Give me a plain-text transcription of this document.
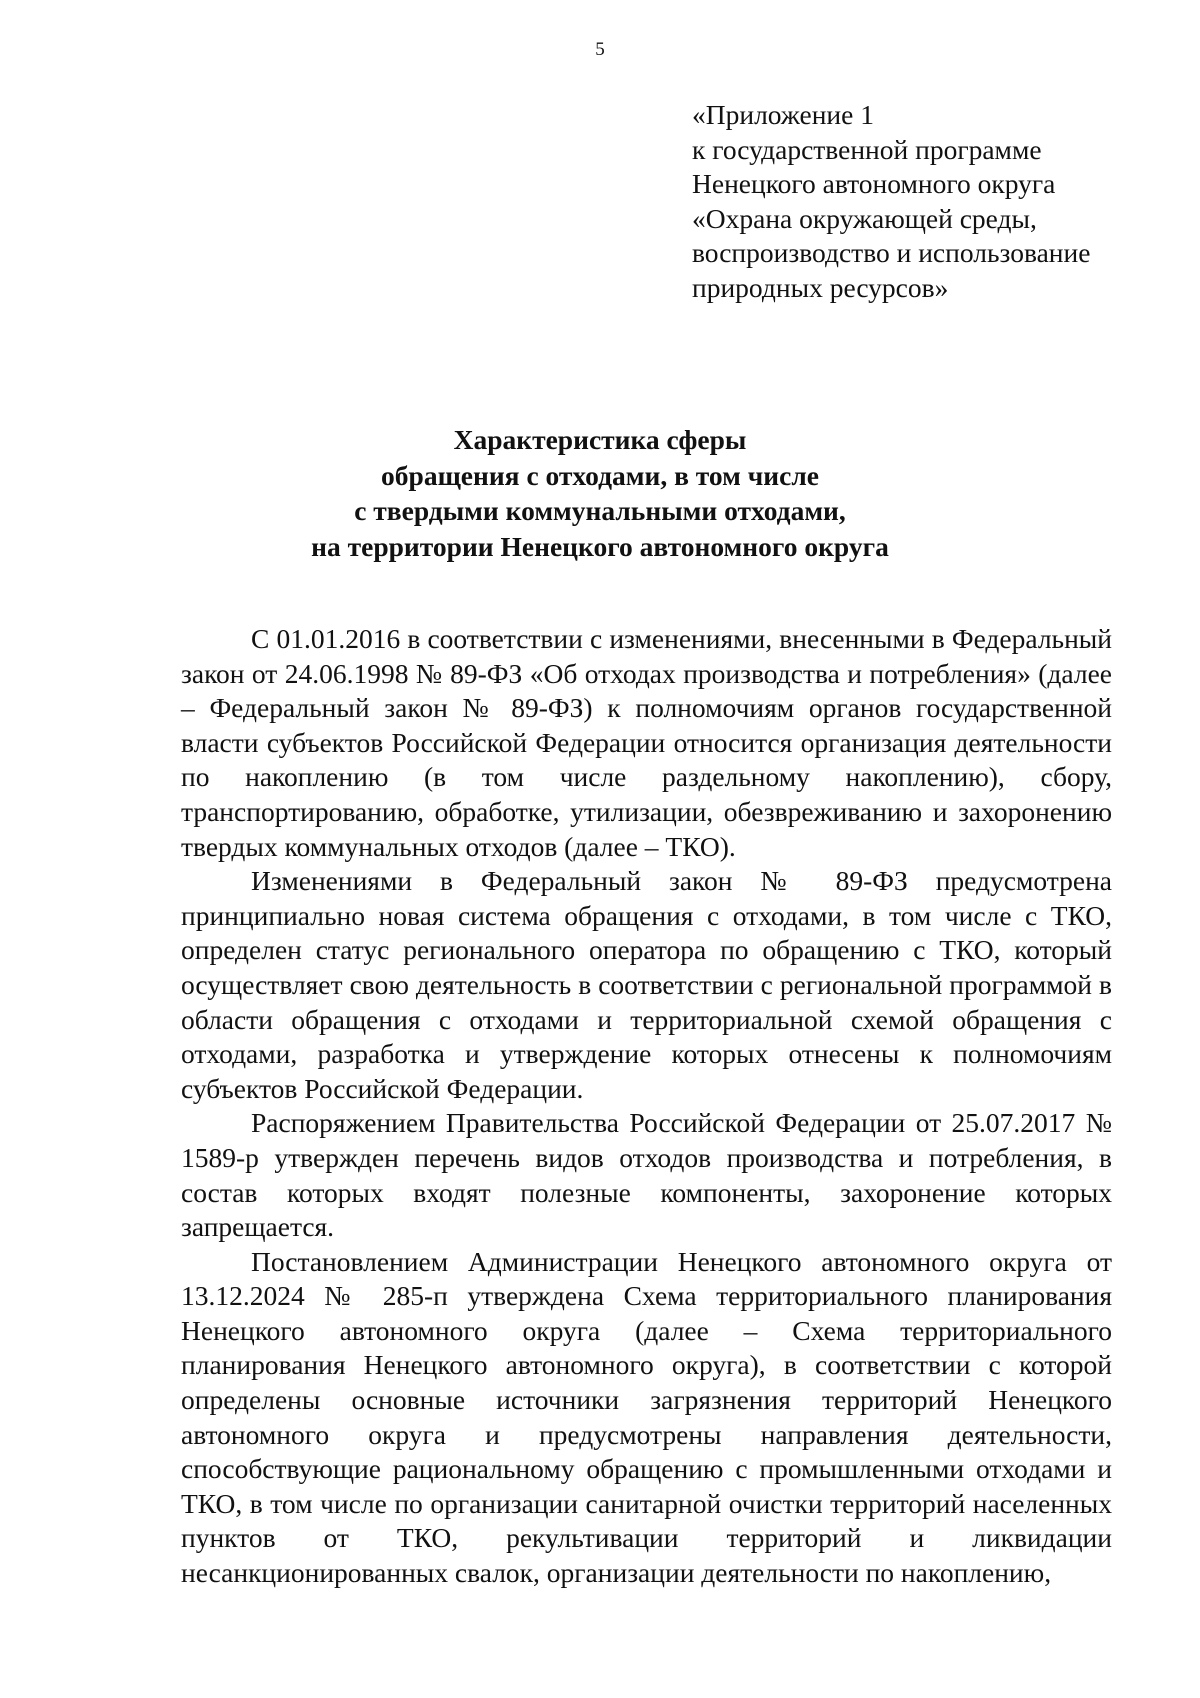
5
«Приложение 1
к государственной программе
Ненецкого автономного округа
«Охрана окружающей среды,
воспроизводство и использование
природных ресурсов»
Характеристика сферы
обращения с отходами, в том числе
с твердыми коммунальными отходами,
на территории Ненецкого автономного округа

С 01.01.2016 в соответствии с изменениями, внесенными в Федеральный закон от 24.06.1998 № 89-ФЗ «Об отходах производства и потребления» (далее – Федеральный закон № 89-ФЗ) к полномочиям органов государственной власти субъектов Российской Федерации относится организация деятельности по накоплению (в том числе раздельному накоплению), сбору, транспортированию, обработке, утилизации, обезвреживанию и захоронению твердых коммунальных отходов (далее – ТКО).

Изменениями в Федеральный закон № 89-ФЗ предусмотрена принципиально новая система обращения с отходами, в том числе с ТКО, определен статус регионального оператора по обращению с ТКО, который осуществляет свою деятельность в соответствии с региональной программой в области обращения с отходами и территориальной схемой обращения с отходами, разработка и утверждение которых отнесены к полномочиям субъектов Российской Федерации.

Распоряжением Правительства Российской Федерации от 25.07.2017 № 1589-р утвержден перечень видов отходов производства и потребления, в состав которых входят полезные компоненты, захоронение которых запрещается.

Постановлением Администрации Ненецкого автономного округа от 13.12.2024 № 285-п утверждена Схема территориального планирования Ненецкого автономного округа (далее – Схема территориального планирования Ненецкого автономного округа), в соответствии с которой определены основные источники загрязнения территорий Ненецкого автономного округа и предусмотрены направления деятельности, способствующие рациональному обращению с промышленными отходами и ТКО, в том числе по организации санитарной очистки территорий населенных пунктов от ТКО, рекультивации территорий и ликвидации несанкционированных свалок, организации деятельности по накоплению,
